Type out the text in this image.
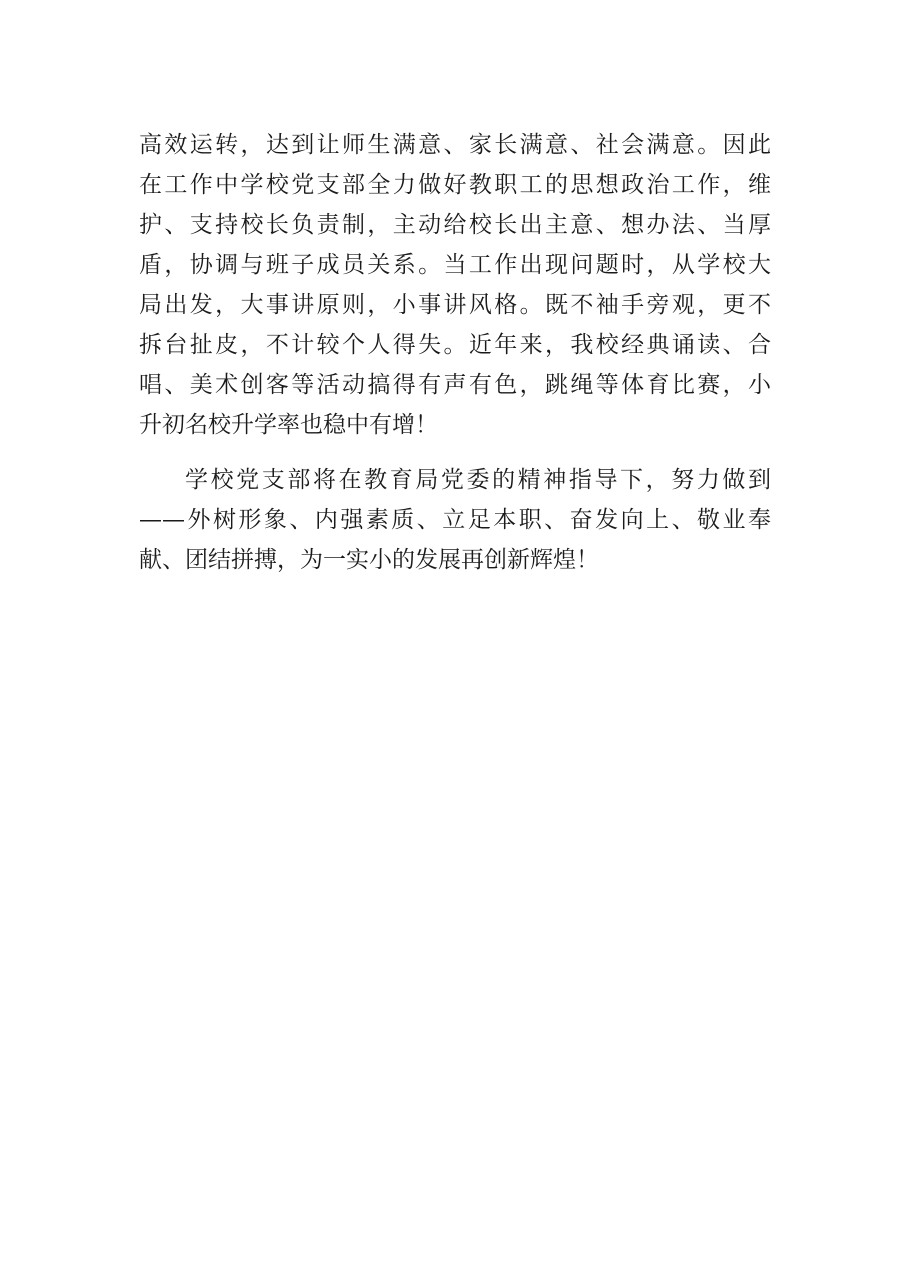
高效运转，达到让师生满意、家长满意、社会满意。因此
在工作中学校党支部全力做好教职工的思想政治工作，维
护、支持校长负责制，主动给校长出主意、想办法、当厚
盾，协调与班子成员关系。当工作出现问题时，从学校大
局出发，大事讲原则，小事讲风格。既不袖手旁观，更不
拆台扯皮，不计较个人得失。近年来，我校经典诵读、合
唱、美术创客等活动搞得有声有色，跳绳等体育比赛，小
升初名校升学率也稳中有增！
学校党支部将在教育局党委的精神指导下，努力做到
——外树形象、内强素质、立足本职、奋发向上、敬业奉
献、团结拼搏，为一实小的发展再创新辉煌！
